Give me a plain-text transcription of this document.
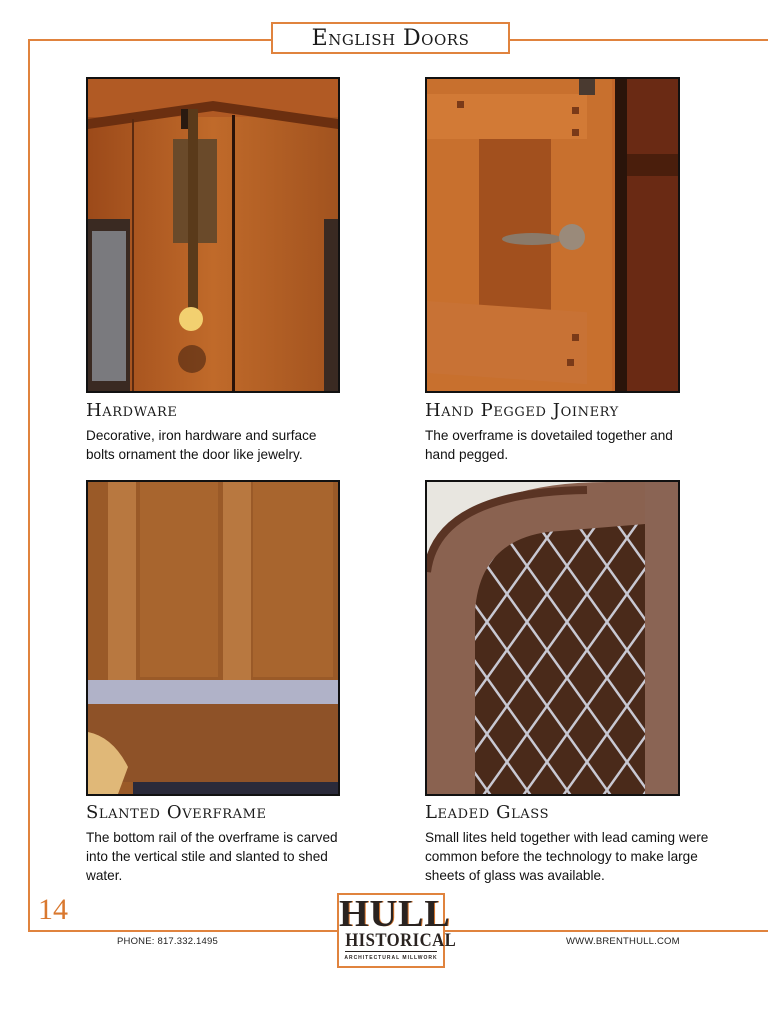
English Doors
Hardware
Decorative, iron hardware and surface bolts ornament the door like jewelry.
Hand Pegged Joinery
The overframe is dovetailed together and hand pegged.
Slanted Overframe
The bottom rail of the overframe is carved into the vertical stile and slanted to shed water.
Leaded Glass
Small lites held together with lead caming were common before the technology to make large sheets of glass was available.
14
PHONE: 817.332.1495	WWW.BRENTHULL.COM
HULL
HISTORICAL
ARCHITECTURAL MILLWORK
